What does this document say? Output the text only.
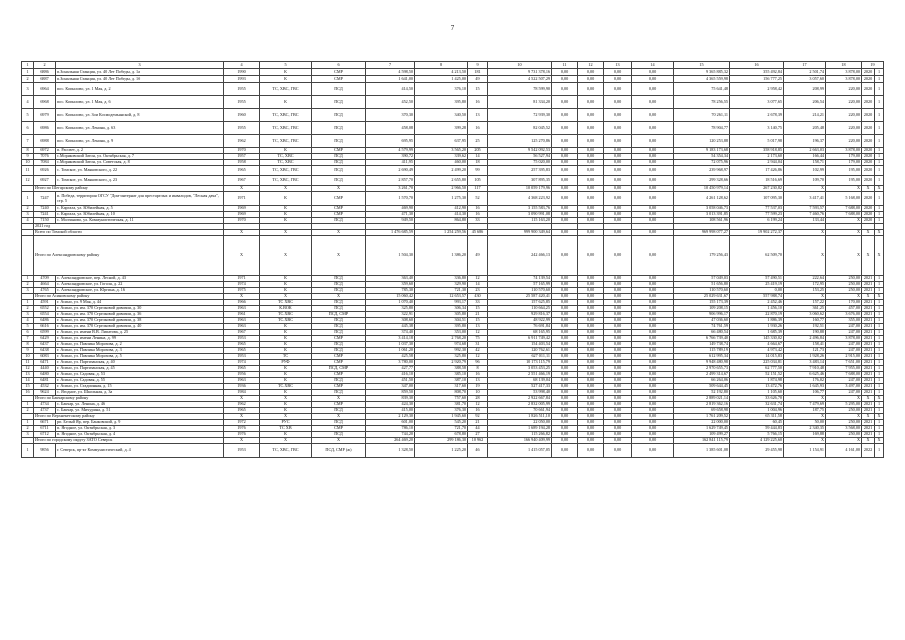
7
1	2	3	4	5	6	7	8	9	10	11	12	13	14	15	16	17	18	19	
1	6886	п.Зональная Станция, ул. 40 Лет Победы, д. 1а	1990	К	СМР	4 598,50	4 213,50	181	9 731 378,16	0,00	0,00	0,00	0,00	9 365 885,32	355 492,84	2 501,74	3 878,00	2020	1
2	6887	п.Зональная Станция, ул. 40 Лет Победы, д. 1б	1993	К	СМР	1 641,00	1 425,00	49	4 522 507,29	0,00	0,00	0,00	0,00	4 365 559,98	156 777,25	3 057,60	3 878,00	2020	1
3	6964	пос. Копылово, ул. 1 Мая, д. 2	1955	ТС, ХВС, ГВС	ПСД	414,50	376,10	15	78 599,90	0,00	0,00	0,00	0,00	75 641,48	2 958,42	208,99	220,00	2020	1
4	6968	пос. Копылово, ул. 1 Мая, д. 6	1955	К	ПСД	452,50	395,80	16	81 334,20	0,00	0,00	0,00	0,00	78 256,55	3 077,65	206,54	220,00	2020	1
5	6979	пос. Копылово, ул. Зои Космодемьянской, д. 8	1960	ТС, ХВС, ГВС	ПСД	370,30	340,50	13	72 939,30	0,00	0,00	0,00	0,00	70 261,11	2 678,39	214,21	220,00	2020	1
6	6986	пос. Копылово, ул. Ленина, д. 63	1955	ТС, ХВС, ГВС	ПСД	458,08	399,28	16	82 045,52	0,00	0,00	0,00	0,00	78 904,77	3 140,75	205,48	220,00	2020	1
7	6988	пос. Копылово, ул. Ленина, д. 9	1962	ТС, ХВС, ГВС	ПСД	695,95	637,95	25	125 270,86	0,00	0,00	0,00	0,00	120 253,88	5 017,98	196,37	220,00	2020	1
8	6972	п. Рассвет, д. 2	1970	К	СМР	4 579,99	3 565,20	205	9 542 092,53	0,00	0,00	0,00	0,00	9 183 173,68	358 918,85	2 663,03	3 878,00	2020	1
9	7076	с.Моряковский Затон, ул. Октябрьская, д. 7	1957	ТС, ХВС	ПСД	390,72	339,62	14	56 527,94	0,00	0,00	0,00	0,00	54 354,34	2 173,60	166,44	179,00	2020	1
10	7084	с.Моряковский Затон, ул. Советская, д. 8	1958	ТС, ХВС	ПСД	411,95	460,00	18	75 020,00	0,00	0,00	0,00	0,00	72 075,96	2 944,04	158,71	179,00	2020	1
11	6926	с. Томское, ул. Маяковского, д. 22	1965	ТС, ХВС, ГВС	ПСД	2 690,49	2 499,20	99	257 395,83	0,00	0,00	0,00	0,00	239 968,97	17 426,86	102,99	195,00	2020	1
12	6927	с. Томское, ул. Маяковского, д. 23	1967	ТС, ХВС, ГВС	ПСД	2 857,70	2 655,80	105	307 895,35	0,00	0,00	0,00	0,00	299 328,66	18 516,69	109,70	195,00	2020	1
	Итого по Шегарскому району		X	X	X	3 261,70	2 966,50	117	10 059 179,96	0,00	0,00	0,00	0,00	10 450 979,14	267 230,82	X	X	X	X
1	7247	п. Победа, территория ОГСУ "Дом-интернат для престарелых и инвалидов, "Лесная дача", стр. 5	1971	К	СМР	1 570,70	1 275,30	52	4 368 223,92	0,00	0,00	0,00	0,00	4 261 128,62	107 095,30	3 417,41	5 168,00	2020	1
2	7240	с. Каргала, ул. Юбилейная, д. 5	1969	К	СМР	469,90	412,90	16	3 155 583,76	0,00	0,00	0,00	0,00	3 058 046,73	77 537,03	7 593,57	7 688,00	2020	1
3	7241	с. Каргала, ул. Юбилейная, д. 10	1969	К	СМР	471,30	414,30	16	3 090 991,08	0,00	0,00	0,00	0,00	3 013 391,85	77 599,23	7 460,76	7 688,00	2020	1
4	7150	с. Молчаново, ул. Коммунистическая, д. 11	1970	К	ПСД	949,50	864,80	33	115 163,20	0,00	0,00	0,00	0,00	108 561,96	6 199,24	133,44	X	2020	1
	2021 год																		
	Всего по Томской области		X	X	X	1 476 685,59	1 254 259,56	45 686	999 900 349,64	0,00	0,00	0,00	0,00	969 998 077,27	19 902 272,37	X	X	X	X
	Итого по Александровскому району		X	X	X	1 504,30	1 386,20	49	242 466,13	0,00	0,00	0,00	0,00	179 256,43	62 509,70	X	X	X	X
1	4709	с. Александровское, пер. Лесной, д. 43	1971	К	ПСД	363,40	336,80	12	74 139,54	0,00	0,00	0,00	0,00	57 049,03	57 490,51	222,64	250,00	2021	1
2	4664	с. Александровское, ул. Гоголя, д. 22	1974	К	ПСД	359,60	329,90	14	57 165,99	0,00	0,00	0,00	0,00	51 656,80	25 419,19	172,95	250,00	2021	1
3	4765	с. Александровское, ул. Юргина, д. 16	1975	К	ПСД	785,30	721,30	23	110 570,60	0,00	0,00	0,00	0,00	110 570,60	0,00	153,25	250,00	2021	1
	Итого по Асиновскому району		X	X	X	15 060,42	12 653,57	430	25 587 420,41	0,00	0,00	0,00	0,00	25 029 631,67	557 988,74	X	X	X	X
1	4591	г. Асино, ул. 9 Мая, д. 44	1966	ТС ХВС	ПСД	1 070,40	993,17	33	157 625,85	0,00	0,00	0,00	0,00	155 173,39	2 452,46	157,22	170,00	2021	1
2	6552	г. Асино, ул. им. 370 Стрелковой дивизии, д. 30	1963	К.ВОК	ПСД	325,80	306,34	15	110 664,25	0,00	0,00	0,00	0,00	109 208,15	1 456,10	361,25	457,00	2021	1
3	6554	г. Асино, ул. им. 370 Стрелковой дивизии, д. 36	1961	ТС.ХВС	ПСД, СМР	322,91	305,80	21	929 816,37	0,00	0,00	0,00	0,00	906 996,17	22 870,19	3 060,62	3 676,00	2021	1
4	6486	г. Асино, ул. им. 370 Стрелковой дивизии, д. 38	1963	ТС.ХВС	ПСД	308,60	304,51	15	48 922,99	0,00	0,00	0,00	0,00	47 036,60	1 886,39	160,77	355,00	2021	1
5	6616	г. Асино, ул. им. 370 Стрелковой дивизии, д. 40	1963	К	ПСД	445,38	395,80	13	76 691,84	0,00	0,00	0,00	0,00	74 761,59	1 930,26	192,51	247,00	2021	1
6	6599	г. Асино, ул. имени В.В. Липатова, д. 25	1967	К	ПСД	374,40	353,00	12	68 165,95	0,00	0,00	0,00	0,00	66 480,54	1 685,39	190,88	247,00	2021	1
7	6429	г. Асино, ул. имени Ленина, д. 99	1953	К	СМР	3 414,18	2 768,20	75	6 911 749,42	0,00	0,00	0,00	0,00	6 766 739,40	145 330,02	2 496,84	3 878,00	2021	1
8	6437	г. Асино, ул. Павлика Морозова, д. 2	1965	К	ПСД	1 037,30	974,68	31	154 403,54	0,00	0,00	0,00	0,00	149 738,74	4 664,67	158,41	247,00	2021	1
9	6438	г. Асино, ул. Павлика Морозова, д. 3	1965	К	ПСД	1 061,20	992,30	42	120 762,61	0,00	0,00	0,00	0,00	115 789,19	4 973,42	121,73	247,00	2021	1
10	6083	г. Асино, ул. Павлика Морозова, д. 5	1953	ТС	СМР	425,58	325,80	12	627 011,11	0,00	0,00	0,00	0,00	612 995,34	14 015,83	1 928,26	2 915,00	2021	1
11	6471	г. Асино, ул. Партизанская, д. 40	1974	РУФ	СМР	3 780,00	2 920,79	96	10 173 115,79	0,00	0,00	0,00	0,00	9 948 480,98	225 034,81	3 483,14	7 651,00	2021	1
12	4440	г. Асино, ул. Партизанская, д. 45	1965	К	ПСД, СМР	427,77	388,58	8	3 053 453,25	0,00	0,00	0,00	0,00	2 970 655,73	62 777,50	7 910,48	7 955,00	2021	1
13	6480	г. Асино, ул. Садовая, д. 53	1956	К	СМР	416,10	385,10	16	2 551 466,19	0,00	0,00	0,00	0,00	2 499 314,67	52 151,52	6 625,46	7 688,00	2021	1
14	6481	г. Асино, ул. Садовая, д. 55	1963	К	ПСД	451,50	387,10	13	68 139,04	0,00	0,00	0,00	0,00	66 264,06	1 874,98	176,02	247,00	2021	1
15	4532	г. Асино, ул. Стадионная, д. 15	1936	ТС.ХВС	СМР	347,00	317,60	19	527 417,33	0,00	0,00	0,00	0,00	509 644,45	13 472,76	1 645,93	3 497,00	2021	1
16	9624	с. Ягодное, ул. Школьная, д. 3а	1984	К	ПСД	859,50	808,70	10	53 998,40	0,00	0,00	0,00	0,00	52 192,80	1 105,60	106,77	247,00	2021	1
	Итого по Бакчарскому району		X	X	X	839,30	757,60	28	2 922 667,84	0,00	0,00	0,00	0,00	2 889 021,14	33 626,70	X	X	X	X
1	4734	с. Бакчар, ул. Ленина, д. 46	1962	К	СМР	424,30	381,70	12	2 832 005,99	0,00	0,00	0,00	0,00	2 819 362,16	32 631,74	7 479,69	5 295,00	2021	1
2	4737	с. Бакчар, ул. Мичурина, д. 51	1965	К	ПСД	415,00	376,30	16	70 661,94	0,00	0,00	0,00	0,00	69 658,98	1 004,96	187,75	250,00	2021	1
	Итого по Верхнекетскому району		X	X	X	2 129,30	1 945,60	92	1 826 511,10	0,00	0,00	0,00	0,00	1 761 209,52	65 311,58	X	X	X	X
1	6671	рп. Белый Яр, пер. Банковский, д. 9	1972	РУС	ПСД	601,00	545,20	21	22 050,00	0,00	0,00	0,00	0,00	22 000,00	60,45	50,00	250,00	2021	1
2	6711	п. Ягодное, ул. Октябрьская, д. 3	1976	ТС ХВ	СМР	786,10	721,70	44	1 689 194,28	0,00	0,00	0,00	0,00	1 629 749,45	59 444,83	2 340,35	3 568,00	2021	1
3	6712	п. Ягодное, ул. Октябрьская, д. 4	1976	К	ПСД	744,20	678,80	27	115 266,82	0,00	0,00	0,00	0,00	109 499,27	5 766,15	169,88	250,00	2021	1
	Итого по городскому округу ЗАТО Северск		X	X	X	264 469,20	299 186,30	10 962	166 940 409,99	0,00	0,00	0,00	0,00	162 841 115,79	4 129 225,60	X	X	X	X
1	9856	г. Северск, пр-кт Коммунистический, д. 4	1953	ТС, ХВС, ГВС	ПСД, СМР (ж)	1 328,50	1 225,20	46	1 415 057,05	0,00	0,00	0,00	0,00	1 385 601,08	29 455,98	1 154,91	4 161,00	2022	1
